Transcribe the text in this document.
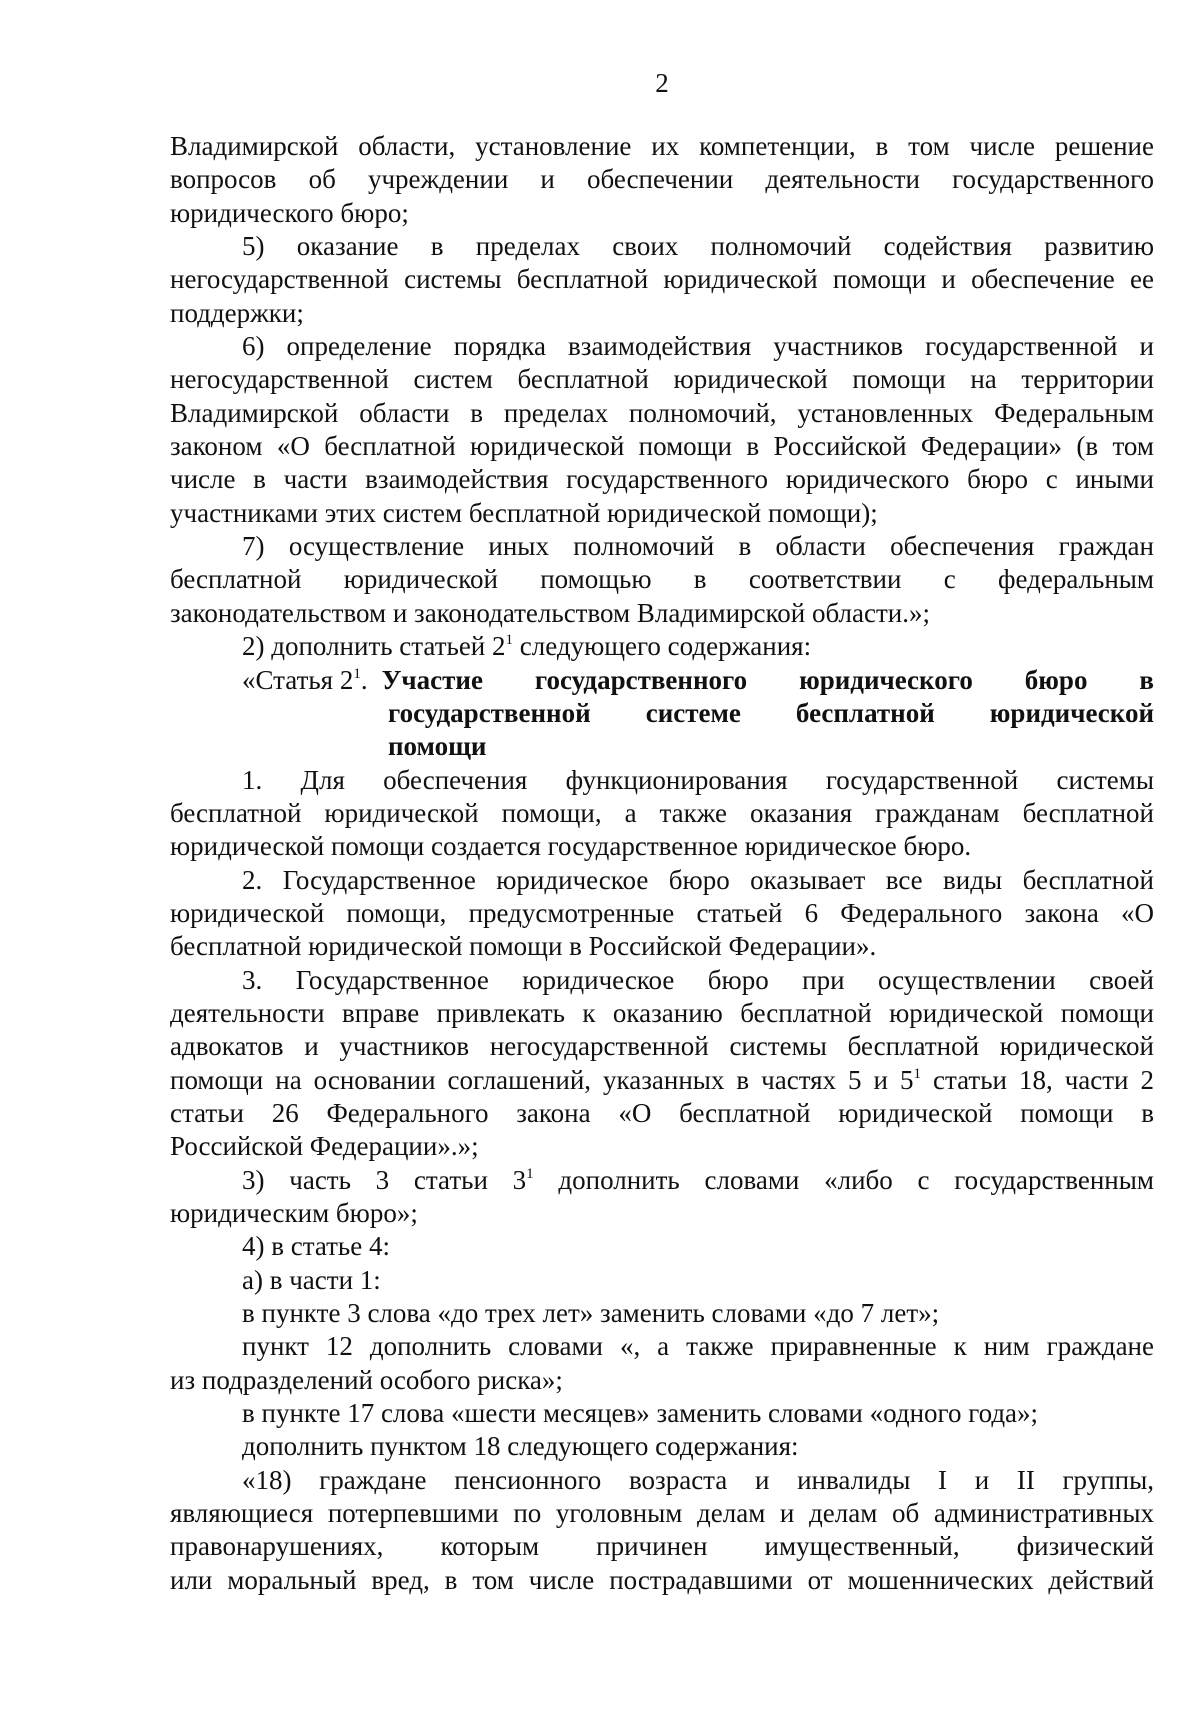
2
Владимирской области, установление их компетенции, в том числе решение
вопросов об учреждении и обеспечении деятельности государственного
юридического бюро;
5) оказание в пределах своих полномочий содействия развитию
негосударственной системы бесплатной юридической помощи и обеспечение ее
поддержки;
6) определение порядка взаимодействия участников государственной и
негосударственной систем бесплатной юридической помощи на территории
Владимирской области в пределах полномочий, установленных Федеральным
законом «О бесплатной юридической помощи в Российской Федерации» (в том
числе в части взаимодействия государственного юридического бюро с иными
участниками этих систем бесплатной юридической помощи);
7) осуществление иных полномочий в области обеспечения граждан
бесплатной юридической помощью в соответствии с федеральным
законодательством и законодательством Владимирской области.»;
2) дополнить статьей $2^1$ следующего содержания:
«Статья $2^1$. Участие государственного юридического бюро в
государственной системе бесплатной юридической
помощи
1. Для обеспечения функционирования государственной системы
бесплатной юридической помощи, а также оказания гражданам бесплатной
юридической помощи создается государственное юридическое бюро.
2. Государственное юридическое бюро оказывает все виды бесплатной
юридической помощи, предусмотренные статьей 6 Федерального закона «О
бесплатной юридической помощи в Российской Федерации».
3. Государственное юридическое бюро при осуществлении своей
деятельности вправе привлекать к оказанию бесплатной юридической помощи
адвокатов и участников негосударственной системы бесплатной юридической
помощи на основании соглашений, указанных в частях 5 и $5^1$ статьи 18, части 2
статьи 26 Федерального закона «О бесплатной юридической помощи в
Российской Федерации».»;
3) часть 3 статьи $3^1$ дополнить словами «либо с государственным
юридическим бюро»;
4) в статье 4:
а) в части 1:
в пункте 3 слова «до трех лет» заменить словами «до 7 лет»;
пункт 12 дополнить словами «, а также приравненные к ним граждане
из подразделений особого риска»;
в пункте 17 слова «шести месяцев» заменить словами «одного года»;
дополнить пунктом 18 следующего содержания:
«18) граждане пенсионного возраста и инвалиды I и II группы,
являющиеся потерпевшими по уголовным делам и делам об административных
правонарушениях, которым причинен имущественный, физический
или моральный вред, в том числе пострадавшими от мошеннических действий
